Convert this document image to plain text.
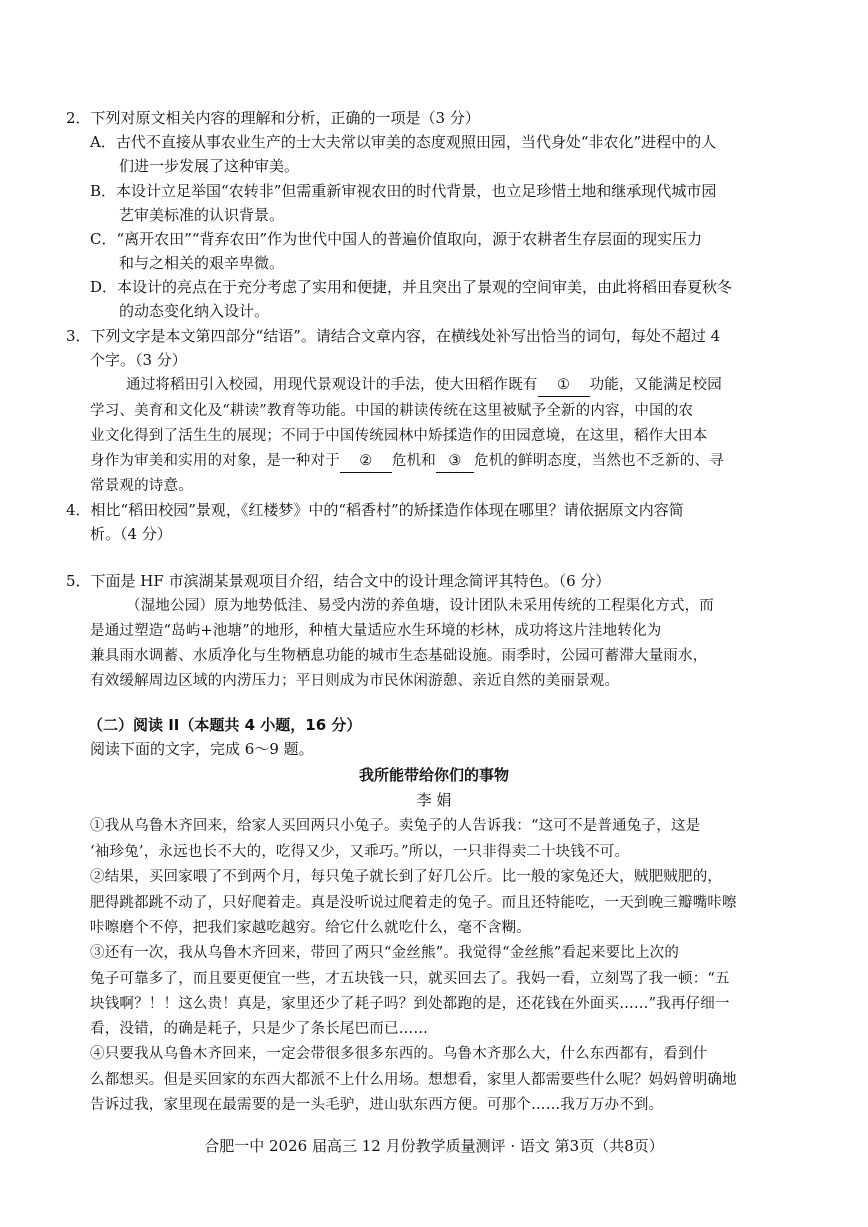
2．下列对原文相关内容的理解和分析，正确的一项是（3 分）
A．古代不直接从事农业生产的士大夫常以审美的态度观照田园，当代身处“非农化”进程中的人
们进一步发展了这种审美。
B．本设计立足举国“农转非”但需重新审视农田的时代背景，也立足珍惜土地和继承现代城市园
艺审美标准的认识背景。
C．“离开农田”“背弃农田”作为世代中国人的普遍价值取向，源于农耕者生存层面的现实压力
和与之相关的艰辛卑微。
D．本设计的亮点在于充分考虑了实用和便捷，并且突出了景观的空间审美，由此将稻田春夏秋冬
的动态变化纳入设计。
3．下列文字是本文第四部分“结语”。请结合文章内容，在横线处补写出恰当的词句，每处不超过 4
个字。（3 分）
通过将稻田引入校园，用现代景观设计的手法，使大田稻作既有 ① 功能，又能满足校园
学习、美育和文化及“耕读”教育等功能。中国的耕读传统在这里被赋予全新的内容，中国的农
业文化得到了活生生的展现；不同于中国传统园林中矫揉造作的田园意境，在这里，稻作大田本
身作为审美和实用的对象，是一种对于 ② 危机和 ③ 危机的鲜明态度，当然也不乏新的、寻
常景观的诗意。
4．相比“稻田校园”景观，《红楼梦》中的“稻香村”的矫揉造作体现在哪里？请依据原文内容简
析。（4 分）
5．下面是 HF 市滨湖某景观项目介绍，结合文中的设计理念简评其特色。（6 分）
（湿地公园）原为地势低洼、易受内涝的养鱼塘，设计团队未采用传统的工程渠化方式，而
是通过塑造“岛屿+池塘”的地形，种植大量适应水生环境的杉林，成功将这片洼地转化为
兼具雨水调蓄、水质净化与生物栖息功能的城市生态基础设施。雨季时，公园可蓄滞大量雨水，
有效缓解周边区域的内涝压力；平日则成为市民休闲游憩、亲近自然的美丽景观。
（二）阅读 II（本题共 4 小题，16 分）
阅读下面的文字，完成 6～9 题。
我所能带给你们的事物
李 娟
①我从乌鲁木齐回来，给家人买回两只小兔子。卖兔子的人告诉我：“这可不是普通兔子，这是
‘袖珍兔’，永远也长不大的，吃得又少，又乖巧。”所以，一只非得卖二十块钱不可。
②结果，买回家喂了不到两个月，每只兔子就长到了好几公斤。比一般的家兔还大，贼肥贼肥的，
肥得跳都跳不动了，只好爬着走。真是没听说过爬着走的兔子。而且还特能吃，一天到晚三瓣嘴咔嚓
咔嚓磨个不停，把我们家越吃越穷。给它什么就吃什么，毫不含糊。
③还有一次，我从乌鲁木齐回来，带回了两只“金丝熊”。我觉得“金丝熊”看起来要比上次的
兔子可靠多了，而且要更便宜一些，才五块钱一只，就买回去了。我妈一看，立刻骂了我一顿：“五
块钱啊？！！这么贵！真是，家里还少了耗子吗？到处都跑的是，还花钱在外面买……”我再仔细一
看，没错，的确是耗子，只是少了条长尾巴而已……
④只要我从乌鲁木齐回来，一定会带很多很多东西的。乌鲁木齐那么大，什么东西都有，看到什
么都想买。但是买回家的东西大都派不上什么用场。想想看，家里人都需要些什么呢？妈妈曾明确地
告诉过我，家里现在最需要的是一头毛驴，进山驮东西方便。可那个……我万万办不到。
合肥一中 2026 届高三 12 月份教学质量测评 · 语文 第3页（共8页）
